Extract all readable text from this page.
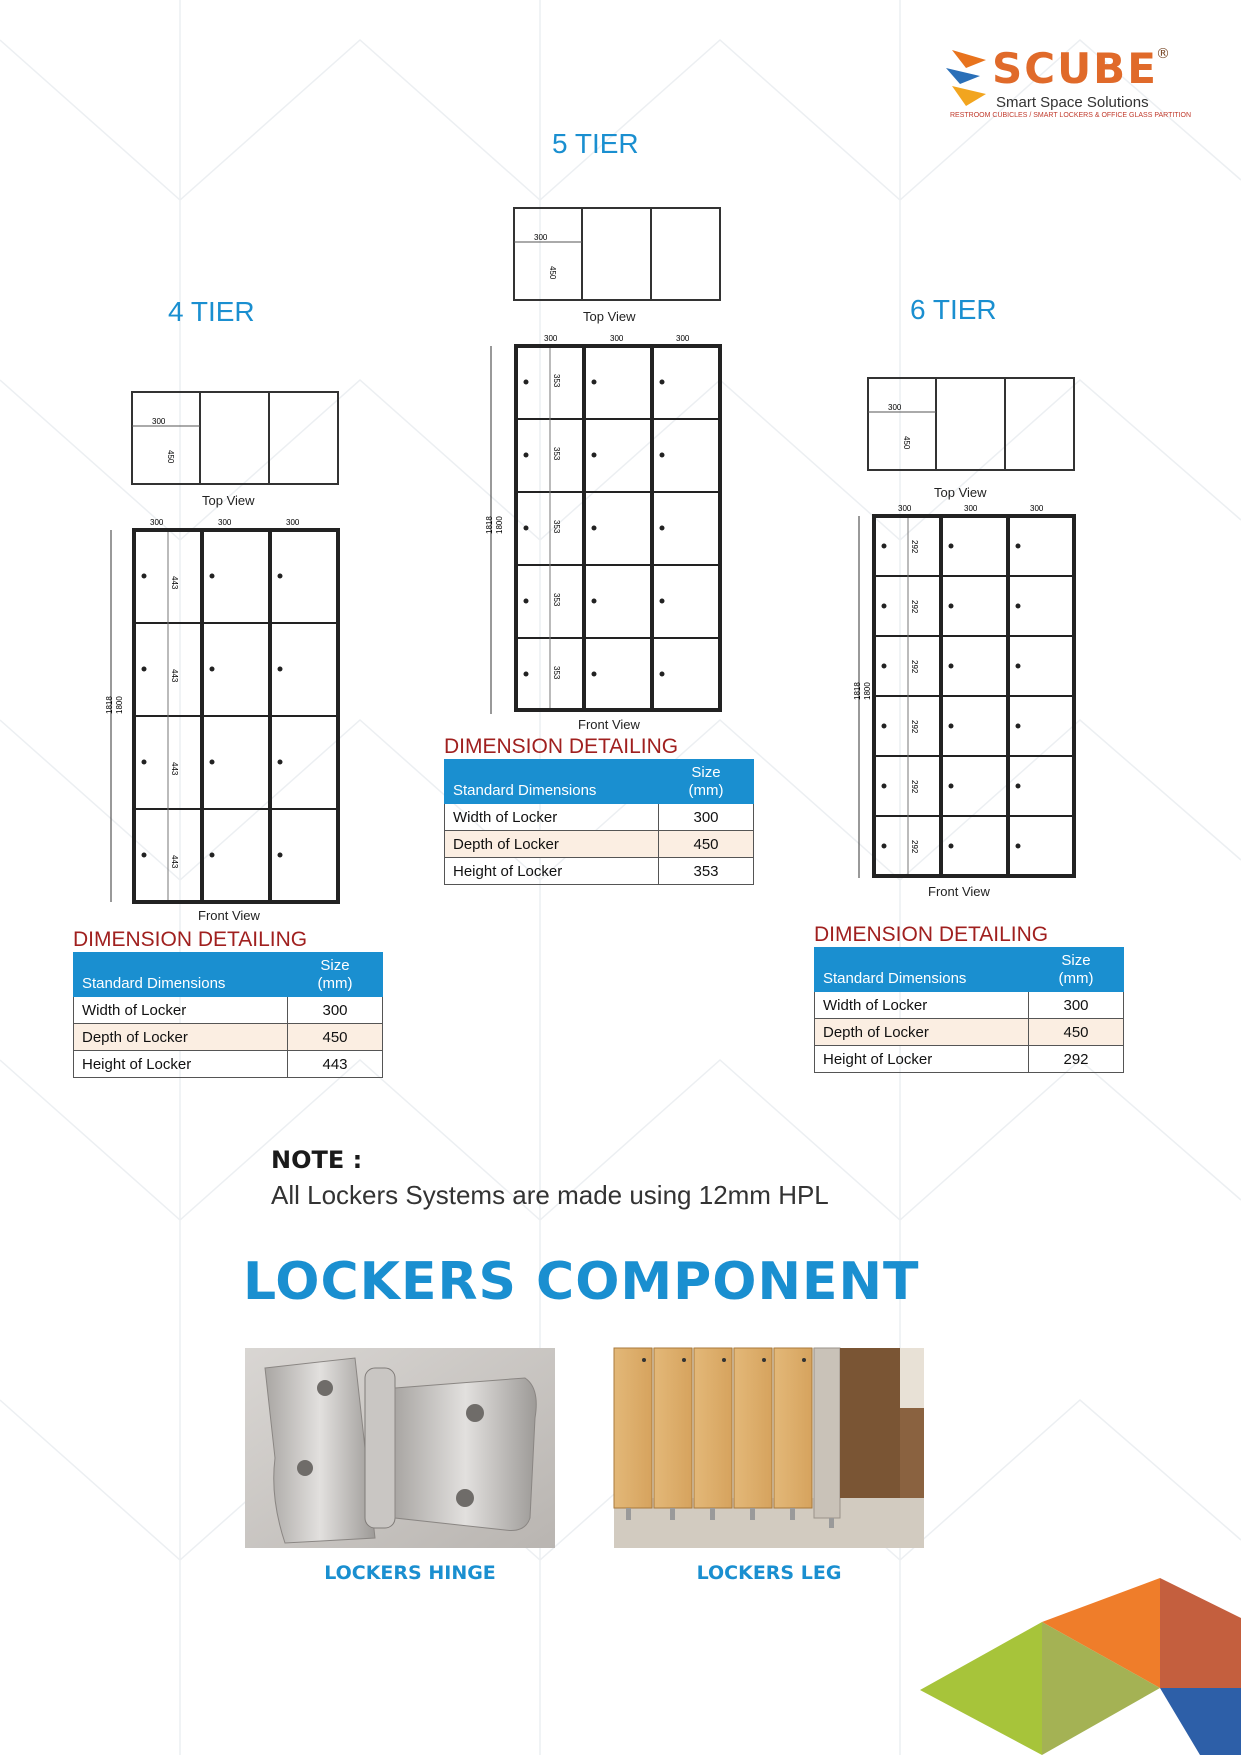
SCUBE
®
Smart Space Solutions
RESTROOM CUBICLES / SMART LOCKERS & OFFICE GLASS PARTITION
4 TIER
5 TIER
6 TIER
300
450
Top View
300	300	300
1818 1800
443
443
443
443
Front View
DIMENSION DETAILING
Standard Dimensions	Size
(mm)
Width of Locker	300
Depth of Locker	450
Height of Locker	443
300
450
Top View
300	300	300
1818 1800
353
353
353
353
353
Front View
DIMENSION DETAILING
Standard Dimensions	Size
(mm)
Width of Locker	300
Depth of Locker	450
Height of Locker	353
300
450
Top View
300	300	300
1818 1800
292
292
292
292
292
292
Front View
DIMENSION DETAILING
Standard Dimensions	Size
(mm)
Width of Locker	300
Depth of Locker	450
Height of Locker	292
NOTE :
All Lockers Systems are made using 12mm HPL
LOCKERS COMPONENT
LOCKERS HINGE	LOCKERS LEG
